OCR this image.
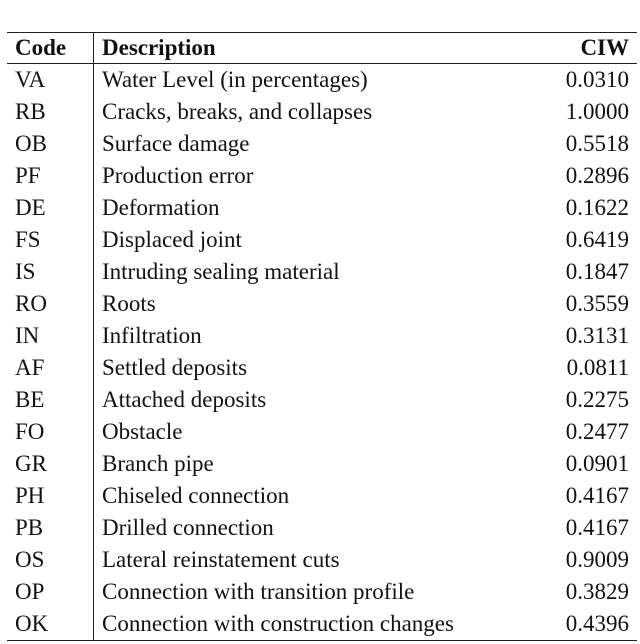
Code	Description	CIW
VA	Water Level (in percentages)	0.0310
RB	Cracks, breaks, and collapses	1.0000
OB	Surface damage	0.5518
PF	Production error	0.2896
DE	Deformation	0.1622
FS	Displaced joint	0.6419
IS	Intruding sealing material	0.1847
RO	Roots	0.3559
IN	Infiltration	0.3131
AF	Settled deposits	0.0811
BE	Attached deposits	0.2275
FO	Obstacle	0.2477
GR	Branch pipe	0.0901
PH	Chiseled connection	0.4167
PB	Drilled connection	0.4167
OS	Lateral reinstatement cuts	0.9009
OP	Connection with transition profile	0.3829
OK	Connection with construction changes	0.4396
